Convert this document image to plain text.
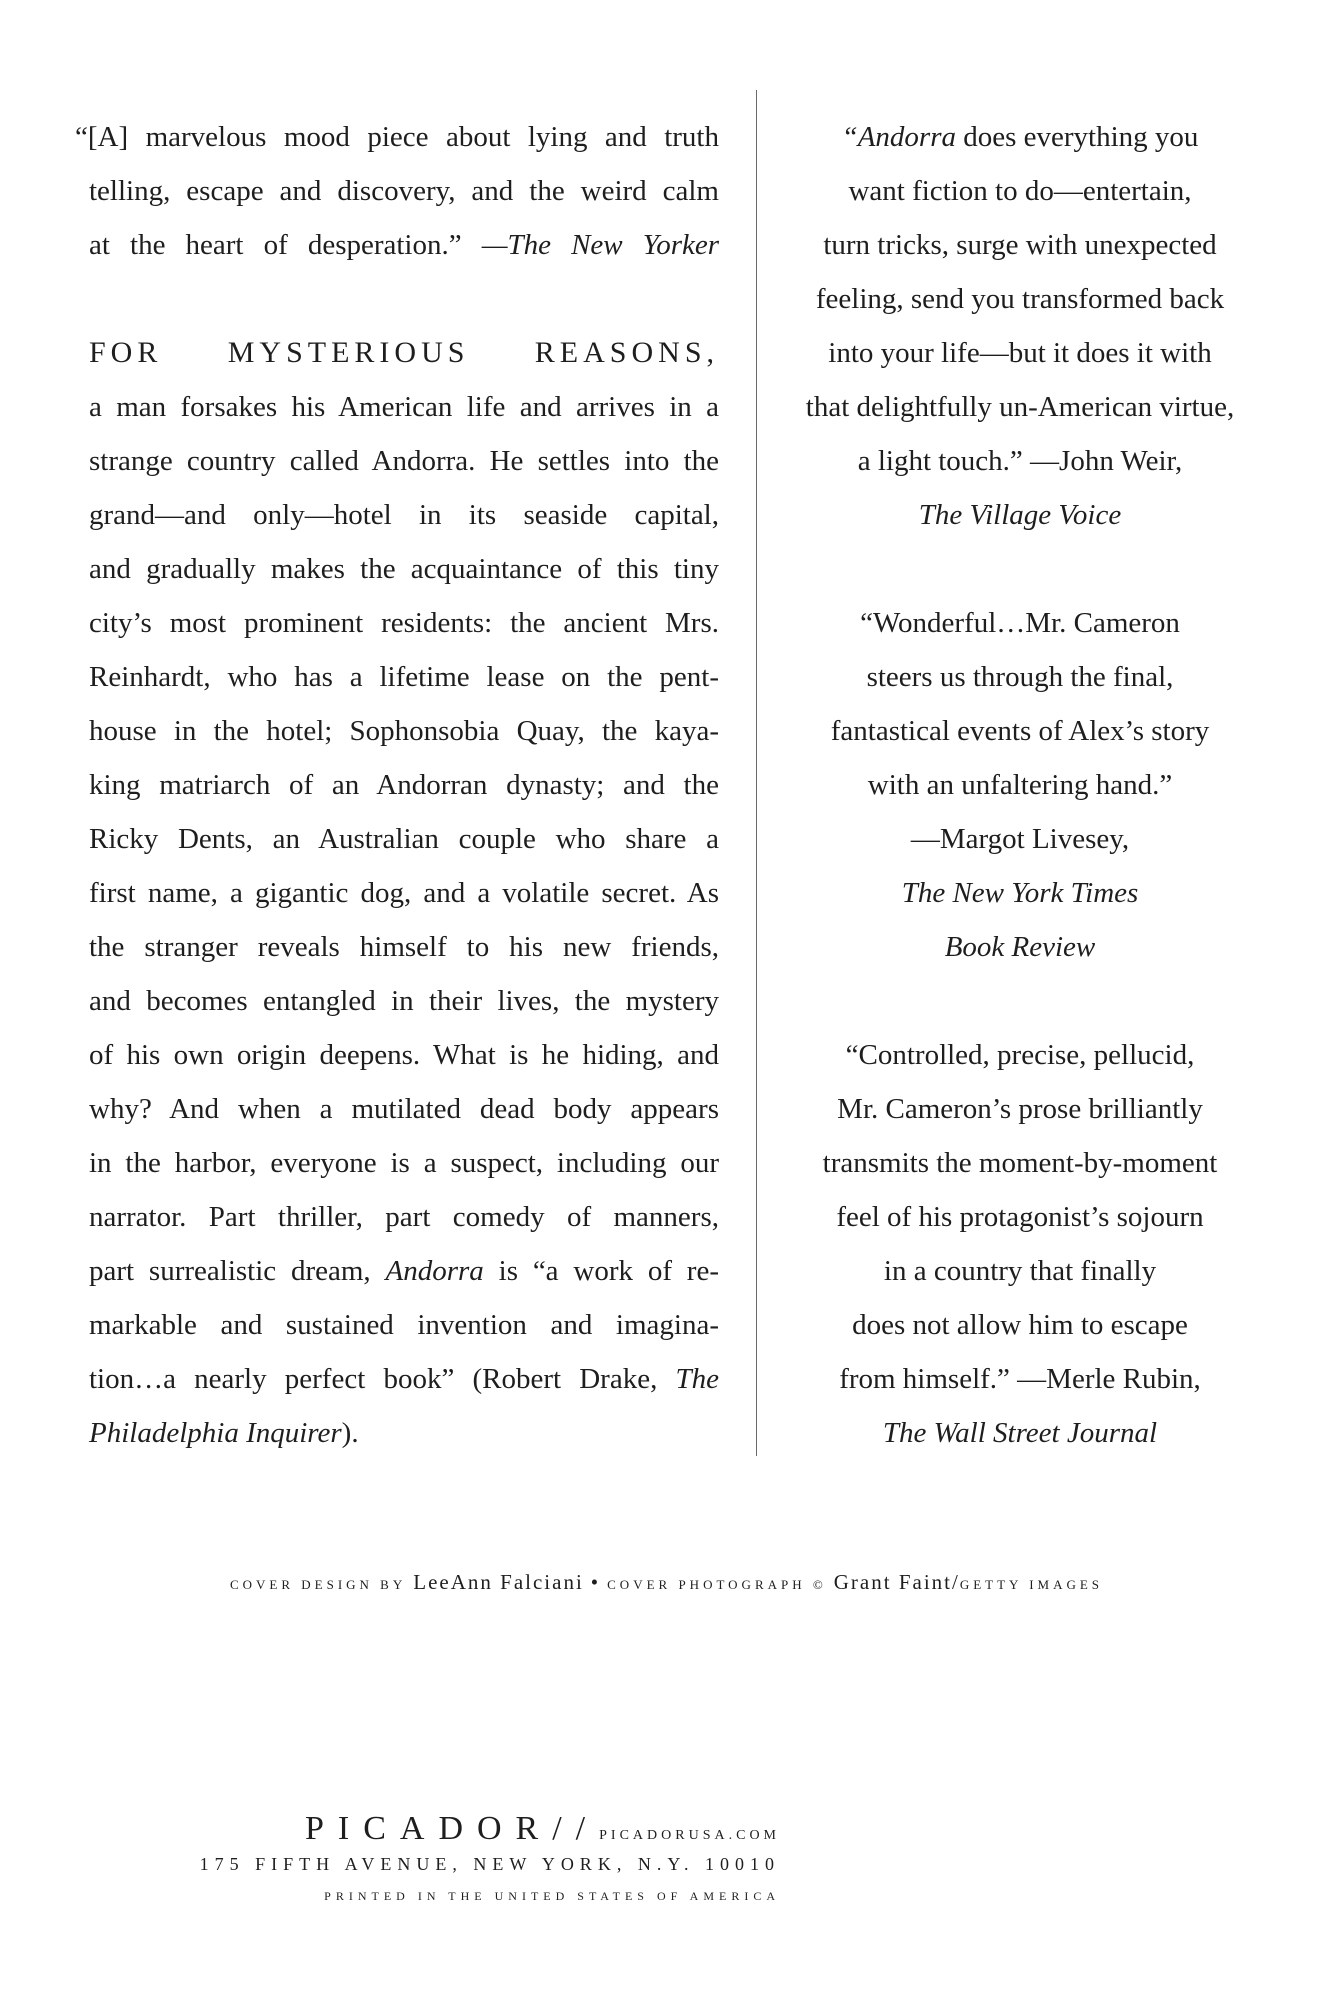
“[A] marvelous mood piece about lying and truth
telling, escape and discovery, and the weird calm
at the heart of desperation.” —The New Yorker
FOR MYSTERIOUS REASONS,
a man forsakes his American life and arrives in a
strange country called Andorra. He settles into the
grand—and only—hotel in its seaside capital,
and gradually makes the acquaintance of this tiny
city’s most prominent residents: the ancient Mrs.
Reinhardt, who has a lifetime lease on the pent-
house in the hotel; Sophonsobia Quay, the kaya-
king matriarch of an Andorran dynasty; and the
Ricky Dents, an Australian couple who share a
first name, a gigantic dog, and a volatile secret. As
the stranger reveals himself to his new friends,
and becomes entangled in their lives, the mystery
of his own origin deepens. What is he hiding, and
why? And when a mutilated dead body appears
in the harbor, everyone is a suspect, including our
narrator. Part thriller, part comedy of manners,
part surrealistic dream, Andorra is “a work of re-
markable and sustained invention and imagina-
tion…a nearly perfect book” (Robert Drake, The
Philadelphia Inquirer).
“Andorra does everything you
want fiction to do—entertain,
turn tricks, surge with unexpected
feeling, send you transformed back
into your life—but it does it with
that delightfully un-American virtue,
a light touch.” —John Weir,
The Village Voice
“Wonderful…Mr. Cameron
steers us through the final,
fantastical events of Alex’s story
with an unfaltering hand.”
—Margot Livesey,
The New York Times
Book Review
“Controlled, precise, pellucid,
Mr. Cameron’s prose brilliantly
transmits the moment-by-moment
feel of his protagonist’s sojourn
in a country that finally
does not allow him to escape
from himself.” —Merle Rubin,
The Wall Street Journal
COVER DESIGN BY LeeAnn Falciani • COVER PHOTOGRAPH © Grant Faint/GETTY IMAGES
PICADOR//PICADORUSA.COM
175 FIFTH AVENUE, NEW YORK, N.Y. 10010
PRINTED IN THE UNITED STATES OF AMERICA
